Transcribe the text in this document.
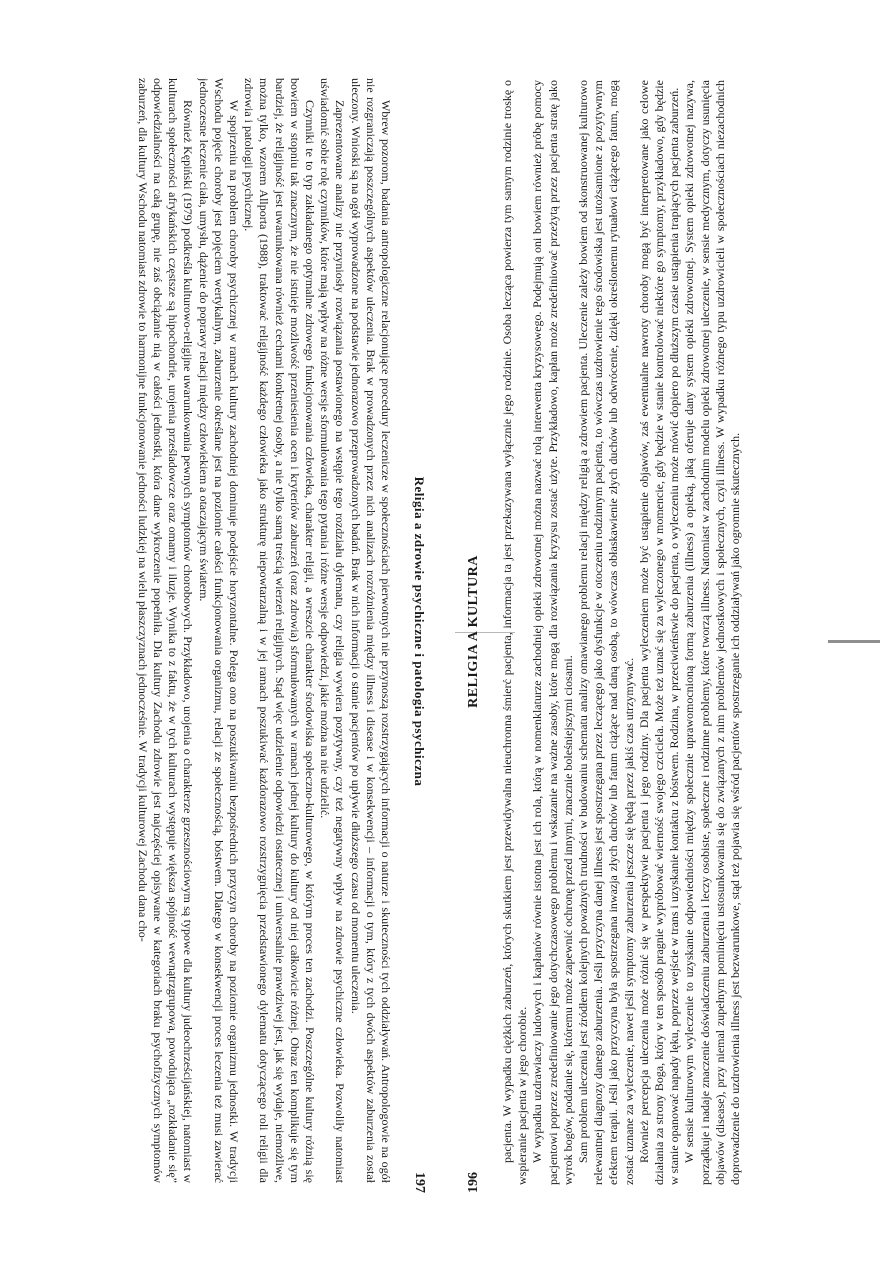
196
RELIGIA A KULTURA pacjenta. W wypadku ciężkich zaburzeń, których skutkiem jest przewidywalna nieuchronna śmierć pacjenta, informacja ta jest przekazywana wyłącznie jego rodzinie. Osoba lecząca powierza tym samym rodzinie troskę o wspieranie pacjenta w jego chorobie. W wypadku uzdrawiaczy ludowych i kapłanów równie istotna jest ich rola, którą w nomenklaturze zachodniej opieki zdrowotnej można nazwać rolą interwenta kryzysowego. Podejmują oni bowiem również próbę pomocy pacjentowi poprzez zredefiniowanie jego dotychczasowego problemu i wskazanie na ważne zasoby, które mogą dla rozwiązania kryzysu zostać użyte. Przykładowo, kapłan może zredefiniować przeżytą przez pacjenta stratę jako wyrok bogów, poddanie się, któremu może zapewnić ochronę przed innymi, znacznie boleśniejszymi ciosami. Sam problem uleczenia jest źródłem kolejnych poważnych trudności w budowaniu schematu analizy omawianego problemu relacji między religią a zdrowiem pacjenta. Uleczenie zależy bowiem od skonstruowanej kulturowo relewantnej diagnozy danego zaburzenia. Jeśli przyczyna danej illness jest spostrzegana przez leczącego jako dysfunkcje w otoczeniu rodzinnym pacjenta, to wówczas uzdrowienie tego środowiska jest utożsamione z pozytywnym efektem terapii. Jeśli jako przyczyna była spostrzegana inwazja złych duchów lub fatum ciążące nad daną osobą, to wówczas obłaskawienie złych duchów lub odwrócenie, dzięki określonemu rytuałowi ciążącego fatum, mogą zostać uznane za wyleczenie, nawet jeśli symptomy zaburzenia jeszcze się będą przez jakiś czas utrzymywać. Również percepcja uleczenia może różnić się w perspektywie pacjenta i jego rodziny. Dla pacjenta wyleczeniem może być ustąpienie objawów, zaś ewentualne nawroty choroby mogą być interpretowane jako celowe działania za strony Boga, który w ten sposób pragnie wypróbować wierność swojego czciciela. Może też uznać się za wyleczonego w momencie, gdy będzie w stanie kontrolować niektóre go symptomy, przykładowo, gdy będzie w stanie opanować napady lęku, poprzez wejście w trans i uzyskanie kontaktu z bóstwem. Rodzina, w przeciwieństwie do pacjenta, o wyleczeniu może mówić dopiero po dłuższym czasie ustąpienia trapiących pacjenta zaburzeń. W sensie kulturowym wyleczenie to uzyskanie odpowiedniości między społecznie uprawomocnioną formą zaburzenia (illness) a opieką, jaką oferuje dany system opieki zdrowotnej. System opieki zdrowotnej nazywa, porządkuje i nadaje znaczenie doświadczeniu zaburzenia i leczy osobiste, społeczne i rodzinne problemy, które tworzą illness. Natomiast w zachodnim modelu opieki zdrowotnej uleczenie, w sensie medycznym, dotyczy usunięcia objawów (disease), przy niemal zupełnym pominięciu ustosunkowania się do związanych z nim problemów jednostkowych i społecznych, czyli illness. W wypadku różnego typu uzdrowicieli w społecznościach niezachodnich doprowadzenie do uzdrowienia illness jest bezwarunkowe, stąd też pojawia się wśród pacjentów spostrzeganie ich oddziaływań jako ogromnie skutecznych.

Religia a zdrowie psychiczne i patologia psychiczna
197

Wbrew pozorom, badania antropologiczne relacjonujące procedury leczenicze w społecznościach pierwotnych nie przynoszą rozstrzygających informacji o naturze i skuteczności tych oddziaływań. Antropologowie na ogół nie rozgraniczają poszczególnych aspektów uleczenia. Brak w prowadzonych przez nich analizach rozróżnienia między illness i disease i w konsekwencji – informacji o tym, który z tych dwóch aspektów zaburzenia został uleczony. Wnioski są na ogół wyprowadzone na podstawie jednorazowo przeprowadzonych badań. Brak w nich informacji o stanie pacjentów po upływie dłuższego czasu od momentu uleczenia.

Zaprezentowane analizy nie przyniosły rozwiązania postawionego na wstępie tego rozdziału dylematu, czy religia wywiera pozytywny, czy też negatywny wpływ na zdrowie psychiczne człowieka. Pozwoliły natomiast uświadomić sobie rolę czynników, które mają wpływ na różne wersje sformułowania tego pytania i różne wersje odpowiedzi, jakie można na nie udzielić.

Czynniki te to typ zakładanego optymalne zdrowego funkcjonowania człowieka, charakter religii, a wreszcie charakter środowiska społeczno-kulturowego, w którym proces ten zachodzi. Poszczególne kultury różnią się bowiem w stopniu tak znacznym, że nie istnieje możliwość przeniesienia ocen i kryteriów zaburzeń (oraz zdrowia) sformułowanych w ramach jednej kultury do kultury od niej całkowicie różnej. Obraz ten komplikuje się tym bardziej, że religijność jest uwarunkowana również cechami konkretnej osoby, a nie tylko samą treścią wierzeń religijnych. Stąd więc udzielenie odpowiedzi ostatecznej i uniwersalnie prawdziwej jest, jak się wydaje, niemożliwe, można tylko, wzorem Allporta (1988), traktować religijność każdego człowieka jako strukturę niepowtarzalną i w jej ramach poszukiwać każdorazowo rozstrzygnięcia przedstawionego dylematu dotyczącego roli religii dla zdrowia i patologii psychicznej.

W spojrzeniu na problem choroby psychicznej w ramach kultury zachodniej dominuje podejście horyzontalne. Polega ono na poszukiwaniu bezpośrednich przyczyn choroby na poziomie organizmu jednostki. W tradycji Wschodu pojęcie choroby jest pojęciem wertykalnym, zaburzenie określane jest na poziomie całości funkcjonowania organizmu, relacji ze społecznością, bóstwem. Dlatego w konsekwencji proces leczenia też musi zawierać jednoczesne leczenie ciała, umysłu, dążenie do poprawy relacji między człowiekiem a otaczającym światem.

Również Kępiński (1979) podkreśla kulturowo-religijne uwarunkowania pewnych symptomów chorobowych. Przykładowo, urojenia o charakterze grzesznościowym są typowe dla kultury judeochrześcijańskiej, natomiast w kulturach społeczności afrykańskich częstsze są hipochondrie, urojenia prześladowcze oraz omamy i iluzje. Wynika to z faktu, że w tych kulturach występuje większa spójność wewnątrzgrupowa, powodująca „rozkładanie się” odpowiedzialności na całą grupę, nie zaś obciążanie nią w całości jednostki, która dane wykroczenie popełniła. Dla kultury Zachodu zdrowie jest najczęściej opisywane w kategoriach braku psychofizycznych symptomów zaburzeń, dla kultury Wschodu natomiast zdrowie to harmonijne funkcjonowanie jedności ludzkiej na wielu płaszczyznach jednocześnie. W tradycji kulturowej Zachodu dana cho-
